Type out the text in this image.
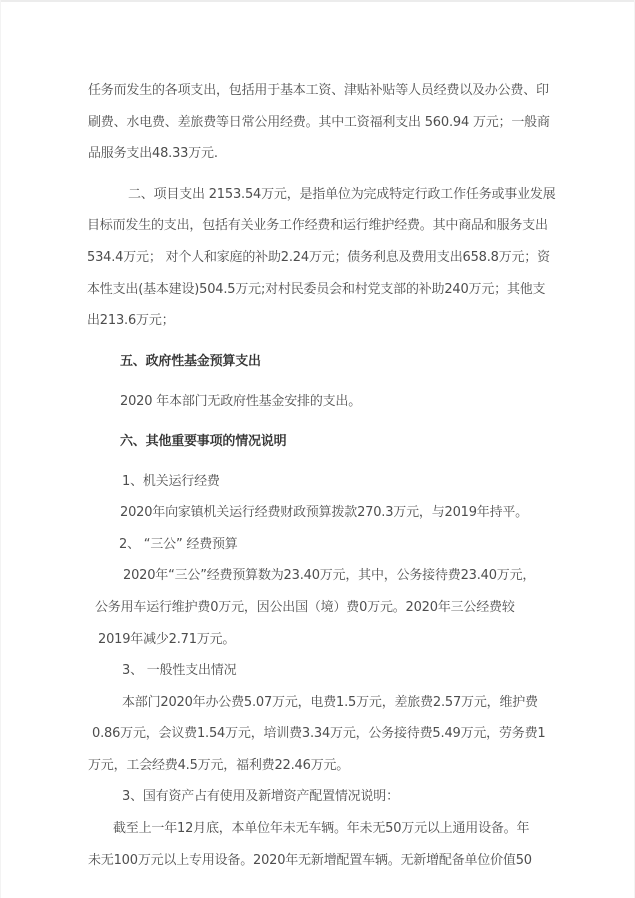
任务而发生的各项支出，包括用于基本工资、津贴补贴等人员经费以及办公费、印
刷费、水电费、差旅费等日常公用经费。其中工资福利支出 560.94 万元；一般商
品服务支出48.33万元.
二、项目支出 2153.54万元，是指单位为完成特定行政工作任务或事业发展
目标而发生的支出，包括有关业务工作经费和运行维护经费。其中商品和服务支出
534.4万元； 对个人和家庭的补助2.24万元；债务利息及费用支出658.8万元；资
本性支出(基本建设)504.5万元;对村民委员会和村党支部的补助240万元；其他支
出213.6万元；
五、政府性基金预算支出
2020 年本部门无政府性基金安排的支出。
六、其他重要事项的情况说明
1、机关运行经费
2020年向家镇机关运行经费财政预算拨款270.3万元，与2019年持平。
2、 “三公” 经费预算
2020年“三公”经费预算数为23.40万元，其中，公务接待费23.40万元，
公务用车运行维护费0万元，因公出国（境）费0万元。2020年三公经费较
2019年减少2.71万元。
3、 一般性支出情况
本部门2020年办公费5.07万元，电费1.5万元，差旅费2.57万元，维护费
0.86万元，会议费1.54万元，培训费3.34万元，公务接待费5.49万元，劳务费1
万元，工会经费4.5万元，福利费22.46万元。
3、国有资产占有使用及新增资产配置情况说明：
截至上一年12月底，本单位年未无车辆。年未无50万元以上通用设备。年
未无100万元以上专用设备。2020年无新增配置车辆。无新增配备单位价值50
